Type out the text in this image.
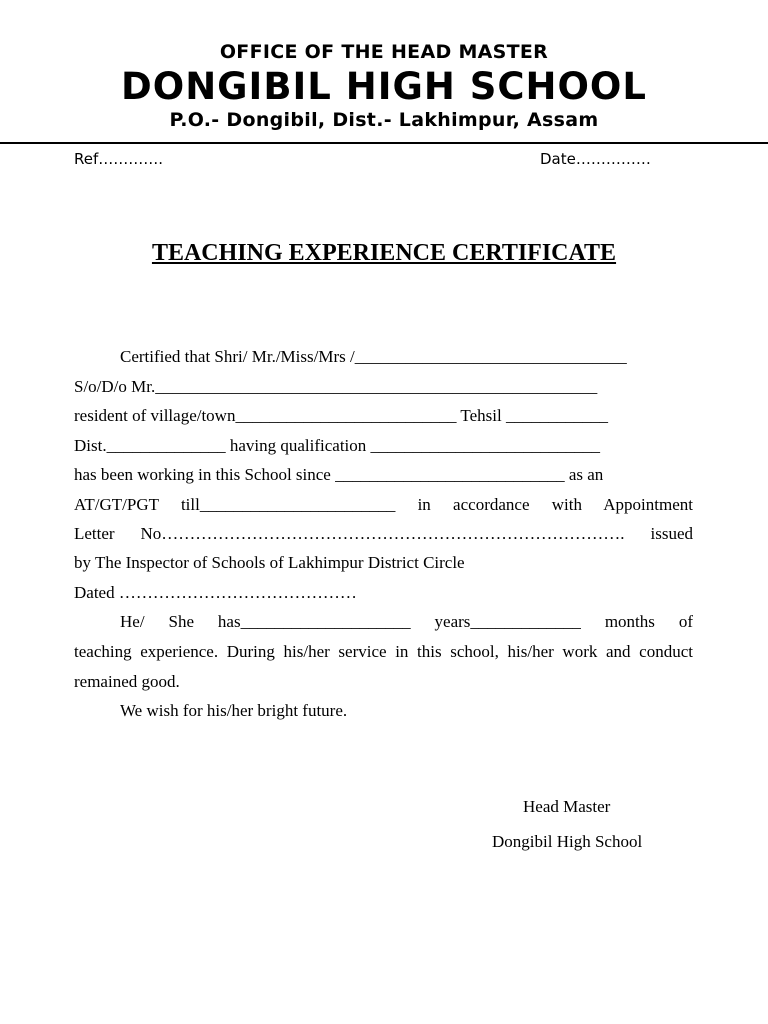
OFFICE OF THE HEAD MASTER
DONGIBIL HIGH SCHOOL
P.O.- Dongibil, Dist.- Lakhimpur, Assam
Ref………….	Date……………
TEACHING EXPERIENCE CERTIFICATE
Certified that Shri/ Mr./Miss/Mrs /________________________________
S/o/D/o Mr.____________________________________________________
resident of village/town__________________________ Tehsil ____________
Dist.______________ having qualification ___________________________
has been working in this School since ___________________________ as an
AT/GT/PGT till_______________________ in accordance with Appointment
Letter No………………………………………………………………………. issued
by The Inspector of Schools of Lakhimpur District Circle
Dated ……………………………………
He/ She has____________________ years_____________ months of
teaching experience. During his/her service in this school, his/her work and conduct
remained good.
We wish for his/her bright future.
Head Master
Dongibil High School
